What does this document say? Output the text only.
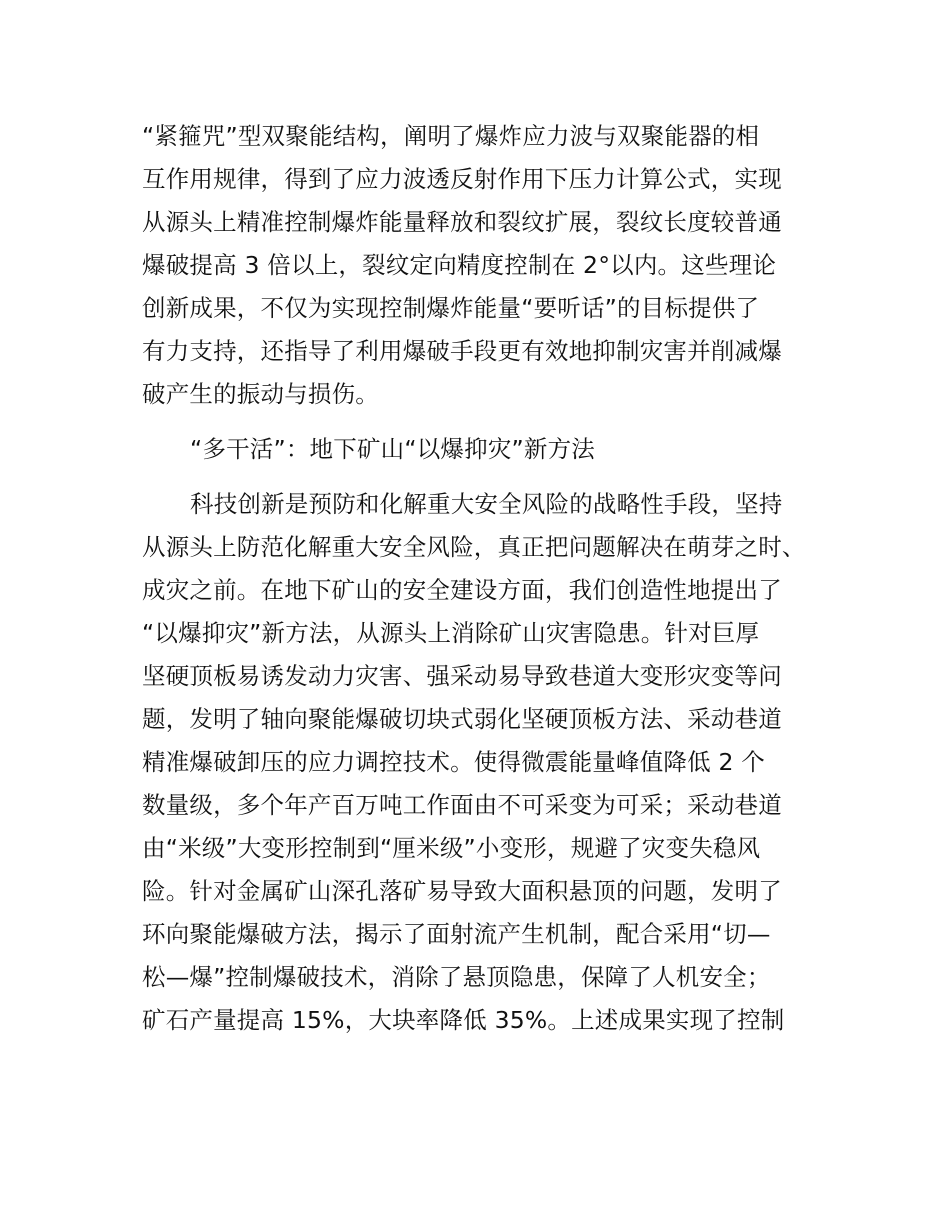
“紧箍咒”型双聚能结构，阐明了爆炸应力波与双聚能器的相
互作用规律，得到了应力波透反射作用下压力计算公式，实现
从源头上精准控制爆炸能量释放和裂纹扩展，裂纹长度较普通
爆破提高 3 倍以上，裂纹定向精度控制在 2°以内。这些理论
创新成果，不仅为实现控制爆炸能量“要听话”的目标提供了
有力支持，还指导了利用爆破手段更有效地抑制灾害并削减爆
破产生的振动与损伤。
“多干活”：地下矿山“以爆抑灾”新方法
科技创新是预防和化解重大安全风险的战略性手段，坚持
从源头上防范化解重大安全风险，真正把问题解决在萌芽之时、
成灾之前。在地下矿山的安全建设方面，我们创造性地提出了
“以爆抑灾”新方法，从源头上消除矿山灾害隐患。针对巨厚
坚硬顶板易诱发动力灾害、强采动易导致巷道大变形灾变等问
题，发明了轴向聚能爆破切块式弱化坚硬顶板方法、采动巷道
精准爆破卸压的应力调控技术。使得微震能量峰值降低 2 个
数量级，多个年产百万吨工作面由不可采变为可采；采动巷道
由“米级”大变形控制到“厘米级”小变形，规避了灾变失稳风
险。针对金属矿山深孔落矿易导致大面积悬顶的问题，发明了
环向聚能爆破方法，揭示了面射流产生机制，配合采用“切—
松—爆”控制爆破技术，消除了悬顶隐患，保障了人机安全；
矿石产量提高 15%，大块率降低 35%。上述成果实现了控制
